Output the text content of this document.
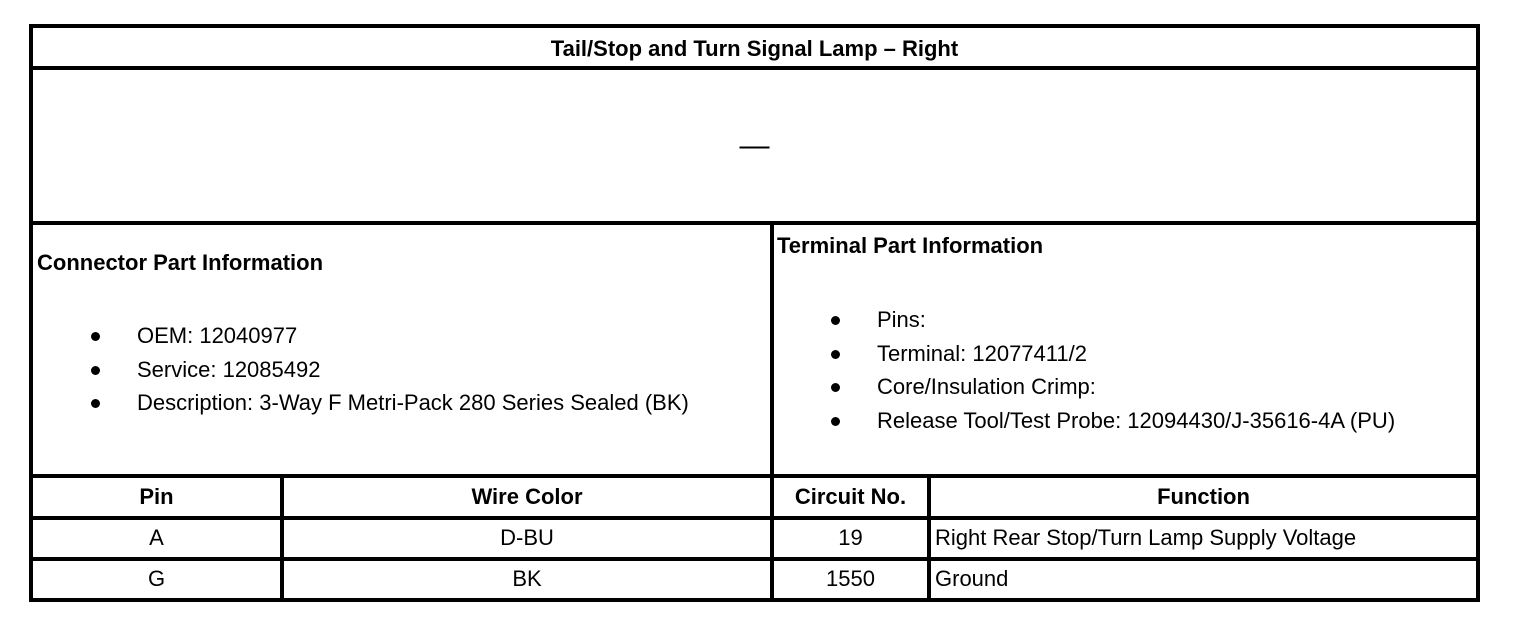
Tail/Stop and Turn Signal Lamp – Right
—
Connector Part Information
OEM: 12040977
Service: 12085492
Description: 3-Way F Metri-Pack 280 Series Sealed (BK)
Terminal Part Information
Pins:
Terminal: 12077411/2
Core/Insulation Crimp:
Release Tool/Test Probe: 12094430/J-35616-4A (PU)
Pin	Wire Color	Circuit No.	Function
A	D-BU	19	Right Rear Stop/Turn Lamp Supply Voltage
G	BK	1550	Ground
